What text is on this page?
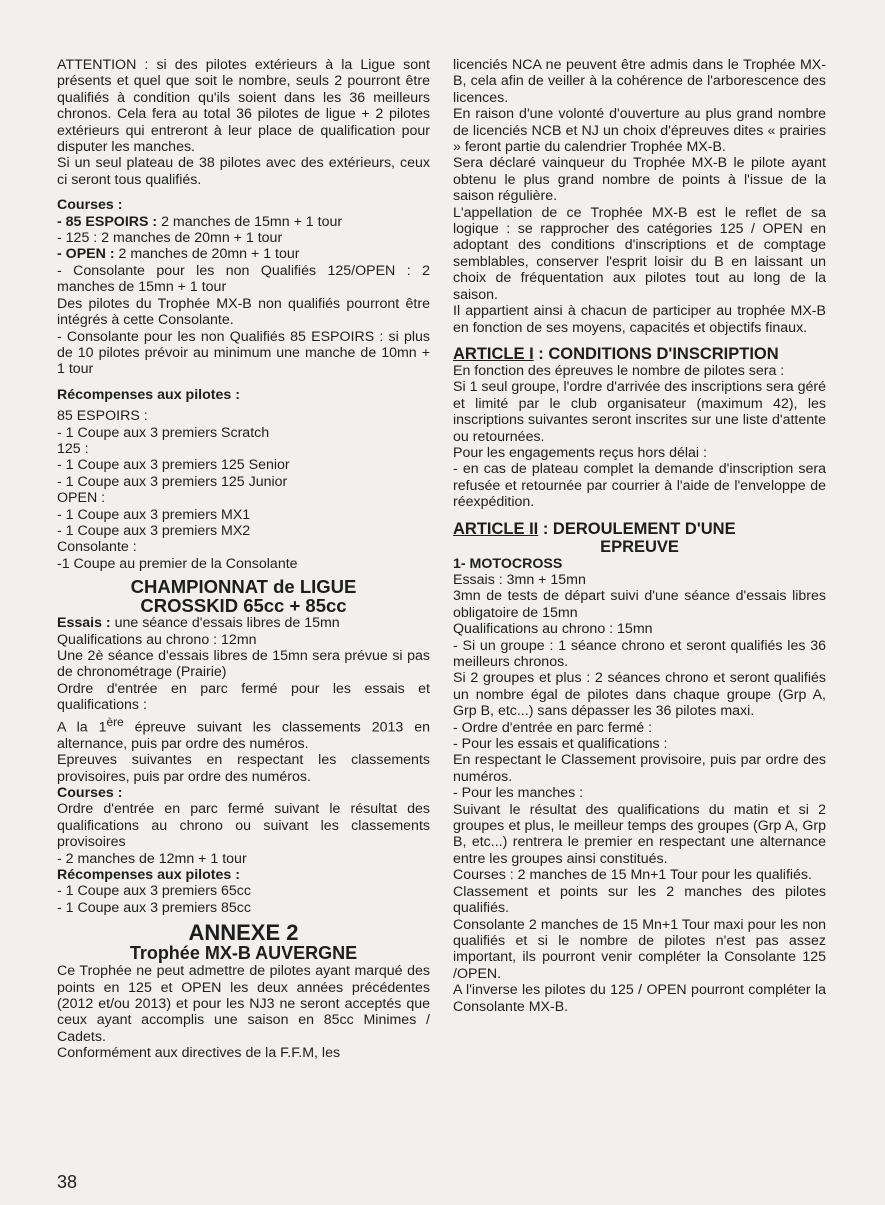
ATTENTION : si des pilotes extérieurs à la Ligue sont présents et quel que soit le nombre, seuls 2 pourront être qualifiés à condition qu'ils soient dans les 36 meilleurs chronos. Cela fera au total 36 pilotes de ligue + 2 pilotes extérieurs qui entreront à leur place de qualification pour disputer les manches.

Si un seul plateau de 38 pilotes avec des extérieurs, ceux ci seront tous qualifiés.

Courses :

- 85 ESPOIRS : 2 manches de 15mn + 1 tour

- 125 : 2 manches de 20mn + 1 tour

- OPEN : 2 manches de 20mn + 1 tour

- Consolante pour les non Qualifiés 125/OPEN : 2 manches de 15mn + 1 tour

Des pilotes du Trophée MX-B non qualifiés pourront être intégrés à cette Consolante.

- Consolante pour les non Qualifiés 85 ESPOIRS : si plus de 10 pilotes prévoir au minimum une manche de 10mn + 1 tour

Récompenses aux pilotes :

85 ESPOIRS :

- 1 Coupe aux 3 premiers Scratch

125 :

- 1 Coupe aux 3 premiers 125 Senior

- 1 Coupe aux 3 premiers 125 Junior

OPEN :

- 1 Coupe aux 3 premiers MX1

- 1 Coupe aux 3 premiers MX2

Consolante :

-1 Coupe au premier de la Consolante

CHAMPIONNAT de LIGUE

CROSSKID 65cc + 85cc

Essais : une séance d'essais libres de 15mn

Qualifications au chrono : 12mn

Une 2è séance d'essais libres de 15mn sera prévue si pas de chronométrage (Prairie)

Ordre d'entrée en parc fermé pour les essais et qualifications :

A la 1ère épreuve suivant les classements 2013 en alternance, puis par ordre des numéros.

Epreuves suivantes en respectant les classements provisoires, puis par ordre des numéros.

Courses :

Ordre d'entrée en parc fermé suivant le résultat des qualifications au chrono ou suivant les classements provisoires

- 2 manches de 12mn + 1 tour

Récompenses aux pilotes :

- 1 Coupe aux 3 premiers 65cc

- 1 Coupe aux 3 premiers 85cc

ANNEXE 2

Trophée MX-B AUVERGNE

Ce Trophée ne peut admettre de pilotes ayant marqué des points en 125 et OPEN les deux années précédentes (2012 et/ou 2013) et pour les NJ3 ne seront acceptés que ceux ayant accomplis une saison en 85cc Minimes / Cadets.

Conformément aux directives de la F.F.M, les

licenciés NCA ne peuvent être admis dans le Trophée MX-B, cela afin de veiller à la cohérence de l'arborescence des licences.

En raison d'une volonté d'ouverture au plus grand nombre de licenciés NCB et NJ un choix d'épreuves dites « prairies » feront partie du calendrier Trophée MX-B.

Sera déclaré vainqueur du Trophée MX-B le pilote ayant obtenu le plus grand nombre de points à l'issue de la saison régulière.

L'appellation de ce Trophée MX-B est le reflet de sa logique : se rapprocher des catégories 125 / OPEN en adoptant des conditions d'inscriptions et de comptage semblables, conserver l'esprit loisir du B en laissant un choix de fréquentation aux pilotes tout au long de la saison.

Il appartient ainsi à chacun de participer au trophée MX-B en fonction de ses moyens, capacités et objectifs finaux.

ARTICLE I : CONDITIONS D'INSCRIPTION

En fonction des épreuves le nombre de pilotes sera :

Si 1 seul groupe, l'ordre d'arrivée des inscriptions sera géré et limité par le club organisateur (maximum 42), les inscriptions suivantes seront inscrites sur une liste d'attente ou retournées.

Pour les engagements reçus hors délai :

- en cas de plateau complet la demande d'inscription sera refusée et retournée par courrier à l'aide de l'enveloppe de réexpédition.

ARTICLE II : DEROULEMENT D'UNE

EPREUVE

1- MOTOCROSS

Essais : 3mn + 15mn

3mn de tests de départ suivi d'une séance d'essais libres obligatoire de 15mn

Qualifications au chrono : 15mn

- Si un groupe : 1 séance chrono et seront qualifiés les 36 meilleurs chronos.

Si 2 groupes et plus : 2 séances chrono et seront qualifiés un nombre égal de pilotes dans chaque groupe (Grp A, Grp B, etc...) sans dépasser les 36 pilotes maxi.

- Ordre d'entrée en parc fermé :

- Pour les essais et qualifications :

En respectant le Classement provisoire, puis par ordre des numéros.

- Pour les manches :

Suivant le résultat des qualifications du matin et si 2 groupes et plus, le meilleur temps des groupes (Grp A, Grp B, etc...) rentrera le premier en respectant une alternance entre les groupes ainsi constitués.

Courses : 2 manches de 15 Mn+1 Tour pour les qualifiés.

Classement et points sur les 2 manches des pilotes qualifiés.

Consolante 2 manches de 15 Mn+1 Tour maxi pour les non qualifiés et si le nombre de pilotes n'est pas assez important, ils pourront venir compléter la Consolante 125 /OPEN.

A l'inverse les pilotes du 125 / OPEN pourront compléter la Consolante MX-B.

38
